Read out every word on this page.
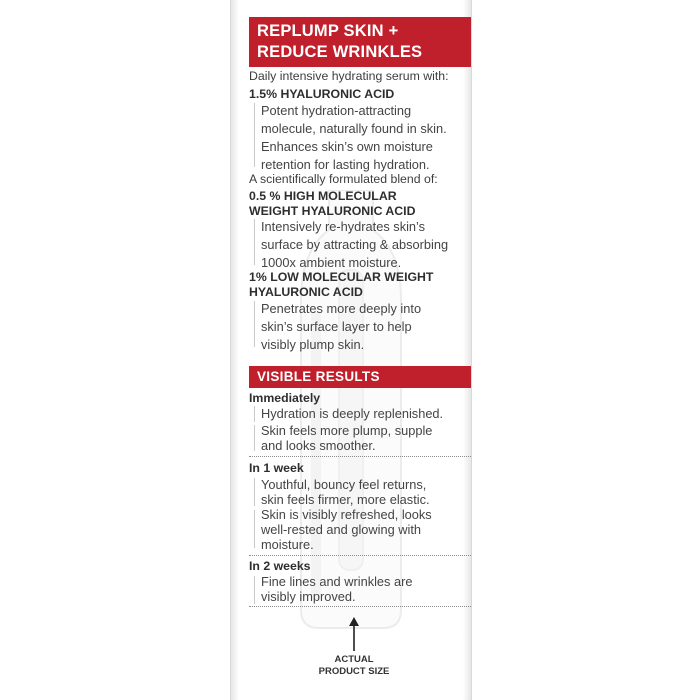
REPLUMP SKIN +
REDUCE WRINKLES
Daily intensive hydrating serum with:
1.5% HYALURONIC ACID
Potent hydration-attracting
molecule, naturally found in skin.
Enhances skin’s own moisture
retention for lasting hydration.
A scientifically formulated blend of:
0.5 % HIGH MOLECULAR
WEIGHT HYALURONIC ACID
Intensively re-hydrates skin’s
surface by attracting & absorbing
1000x ambient moisture.
1% LOW MOLECULAR WEIGHT
HYALURONIC ACID
Penetrates more deeply into
skin’s surface layer to help
visibly plump skin.
VISIBLE RESULTS
Immediately
Hydration is deeply replenished.
Skin feels more plump, supple
and looks smoother.
In 1 week
Youthful, bouncy feel returns,
skin feels firmer, more elastic.
Skin is visibly refreshed, looks
well-rested and glowing with
moisture.
In 2 weeks
Fine lines and wrinkles are
visibly improved.
ACTUAL
PRODUCT SIZE
